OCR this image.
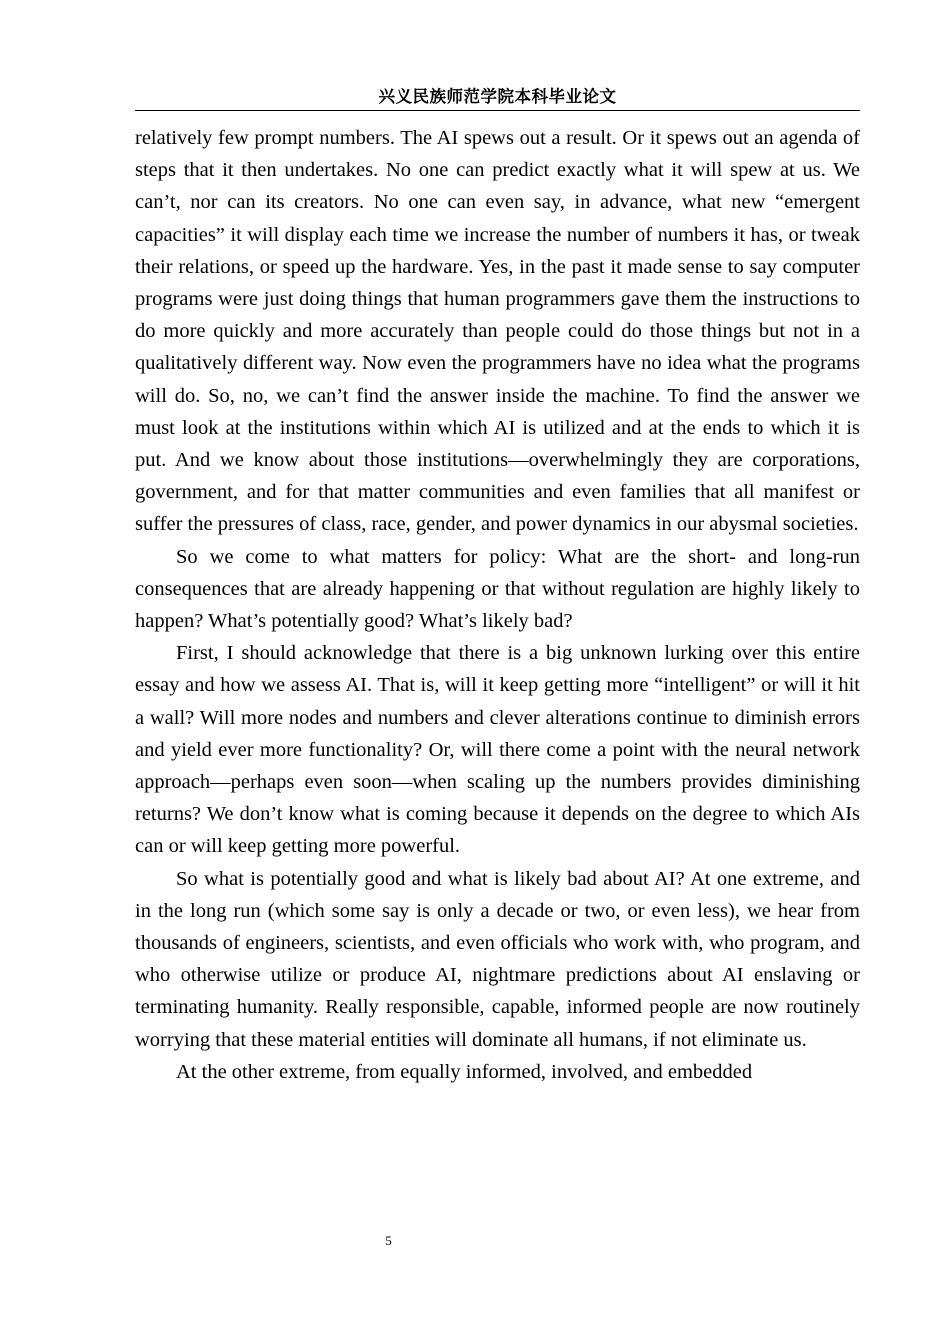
兴义民族师范学院本科毕业论文

relatively few prompt numbers. The AI spews out a result. Or it spews out an agenda of steps that it then undertakes. No one can predict exactly what it will spew at us. We can’t, nor can its creators. No one can even say, in advance, what new “emergent capacities” it will display each time we increase the number of numbers it has, or tweak their relations, or speed up the hardware. Yes, in the past it made sense to say computer programs were just doing things that human programmers gave them the instructions to do more quickly and more accurately than people could do those things but not in a qualitatively different way. Now even the programmers have no idea what the programs will do. So, no, we can’t find the answer inside the machine. To find the answer we must look at the institutions within which AI is utilized and at the ends to which it is put. And we know about those institutions—overwhelmingly they are corporations, government, and for that matter communities and even families that all manifest or suffer the pressures of class, race, gender, and power dynamics in our abysmal societies.

So we come to what matters for policy: What are the short- and long-run consequences that are already happening or that without regulation are highly likely to happen? What’s potentially good? What’s likely bad?

First, I should acknowledge that there is a big unknown lurking over this entire essay and how we assess AI. That is, will it keep getting more “intelligent” or will it hit a wall? Will more nodes and numbers and clever alterations continue to diminish errors and yield ever more functionality? Or, will there come a point with the neural network approach—perhaps even soon—when scaling up the numbers provides diminishing returns? We don’t know what is coming because it depends on the degree to which AIs can or will keep getting more powerful.

So what is potentially good and what is likely bad about AI? At one extreme, and in the long run (which some say is only a decade or two, or even less), we hear from thousands of engineers, scientists, and even officials who work with, who program, and who otherwise utilize or produce AI, nightmare predictions about AI enslaving or terminating humanity. Really responsible, capable, informed people are now routinely worrying that these material entities will dominate all humans, if not eliminate us.

At the other extreme, from equally informed, involved, and embedded

5
